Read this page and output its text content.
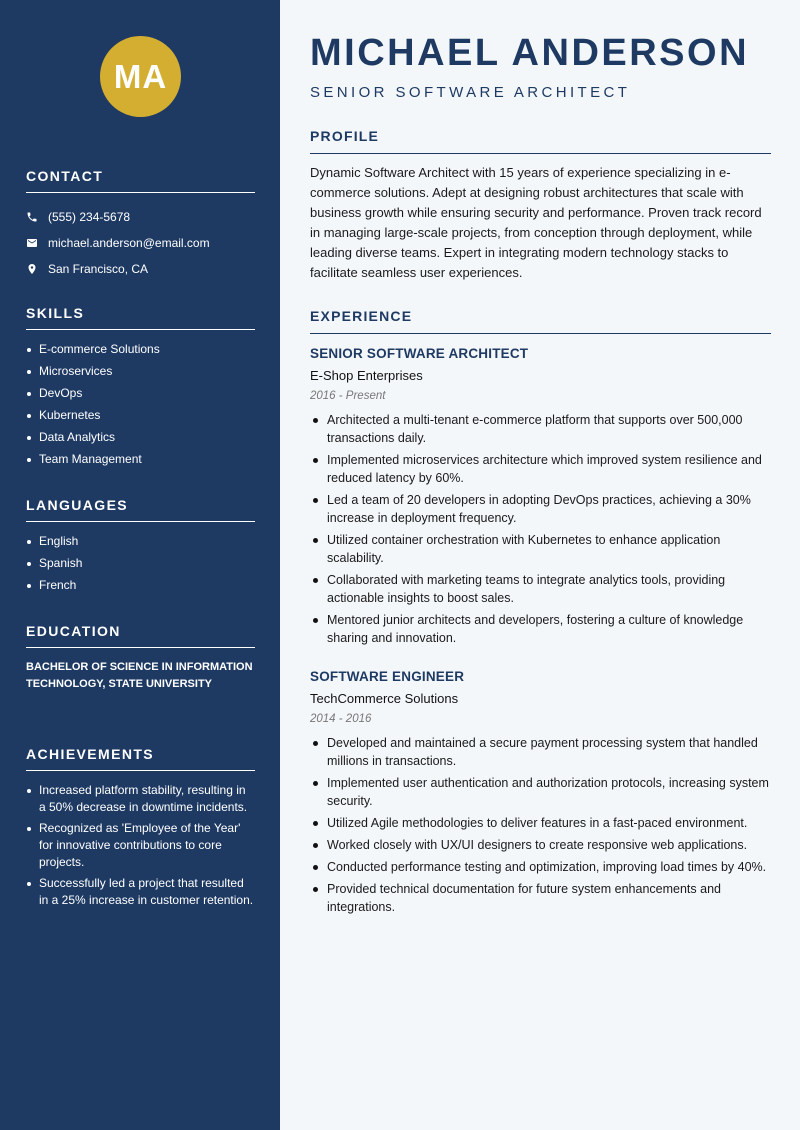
MA
CONTACT
(555) 234-5678
michael.anderson@email.com
San Francisco, CA
SKILLS
E-commerce Solutions
Microservices
DevOps
Kubernetes
Data Analytics
Team Management
LANGUAGES
English
Spanish
French
EDUCATION
BACHELOR OF SCIENCE IN INFORMATION TECHNOLOGY, STATE UNIVERSITY
ACHIEVEMENTS
Increased platform stability, resulting in a 50% decrease in downtime incidents.
Recognized as 'Employee of the Year' for innovative contributions to core projects.
Successfully led a project that resulted in a 25% increase in customer retention.
MICHAEL ANDERSON
SENIOR SOFTWARE ARCHITECT
PROFILE
Dynamic Software Architect with 15 years of experience specializing in e-commerce solutions. Adept at designing robust architectures that scale with business growth while ensuring security and performance. Proven track record in managing large-scale projects, from conception through deployment, while leading diverse teams. Expert in integrating modern technology stacks to facilitate seamless user experiences.
EXPERIENCE
SENIOR SOFTWARE ARCHITECT
E-Shop Enterprises
2016 - Present
Architected a multi-tenant e-commerce platform that supports over 500,000 transactions daily.
Implemented microservices architecture which improved system resilience and reduced latency by 60%.
Led a team of 20 developers in adopting DevOps practices, achieving a 30% increase in deployment frequency.
Utilized container orchestration with Kubernetes to enhance application scalability.
Collaborated with marketing teams to integrate analytics tools, providing actionable insights to boost sales.
Mentored junior architects and developers, fostering a culture of knowledge sharing and innovation.
SOFTWARE ENGINEER
TechCommerce Solutions
2014 - 2016
Developed and maintained a secure payment processing system that handled millions in transactions.
Implemented user authentication and authorization protocols, increasing system security.
Utilized Agile methodologies to deliver features in a fast-paced environment.
Worked closely with UX/UI designers to create responsive web applications.
Conducted performance testing and optimization, improving load times by 40%.
Provided technical documentation for future system enhancements and integrations.
